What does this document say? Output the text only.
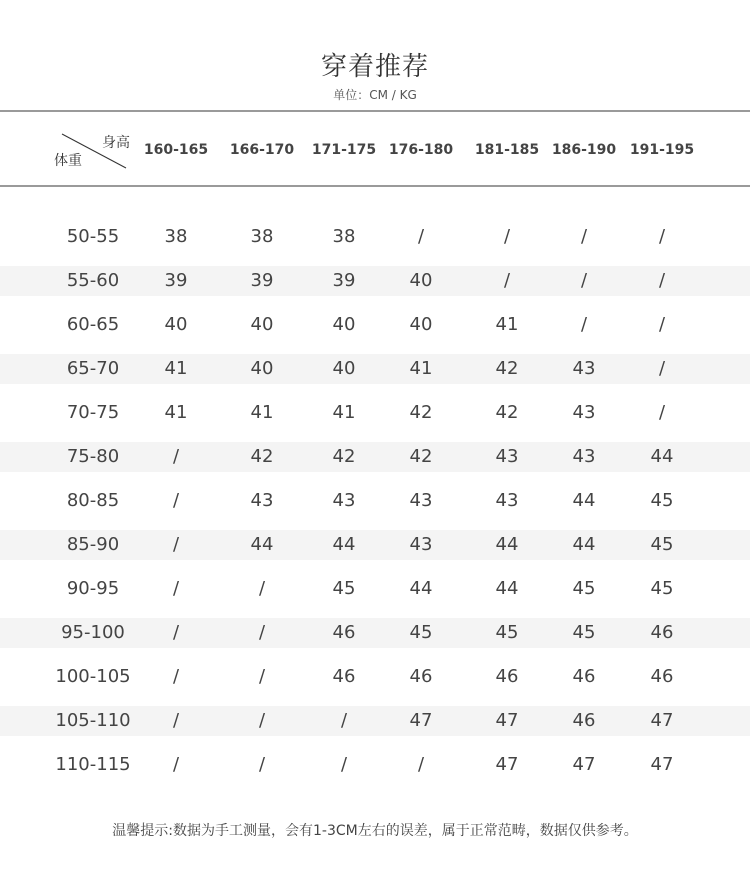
穿着推荐
单位：CM / KG
身高
体重
160-165	166-170	171-175 176-180	181-185 186-190 191-195
50-55	38	38	38	/	/	/	/
55-60	39	39	39	40	/	/	/
60-65	40	40	40	40	41	/	/
65-70	41	40	40	41	42	43	/
70-75	41	41	41	42	42	43	/
75-80	/	42	42	42	43	43	44
80-85	/	43	43	43	43	44	45
85-90	/	44	44	43	44	44	45
90-95	/	/	45	44	44	45	45
95-100	/	/	46	45	45	45	46
100-105	/	/	46	46	46	46	46
105-110	/	/	/	47	47	46	47
110-115	/	/	/	/	47	47	47
温馨提示:数据为手工测量，会有1-3CM左右的误差，属于正常范畴，数据仅供参考。
